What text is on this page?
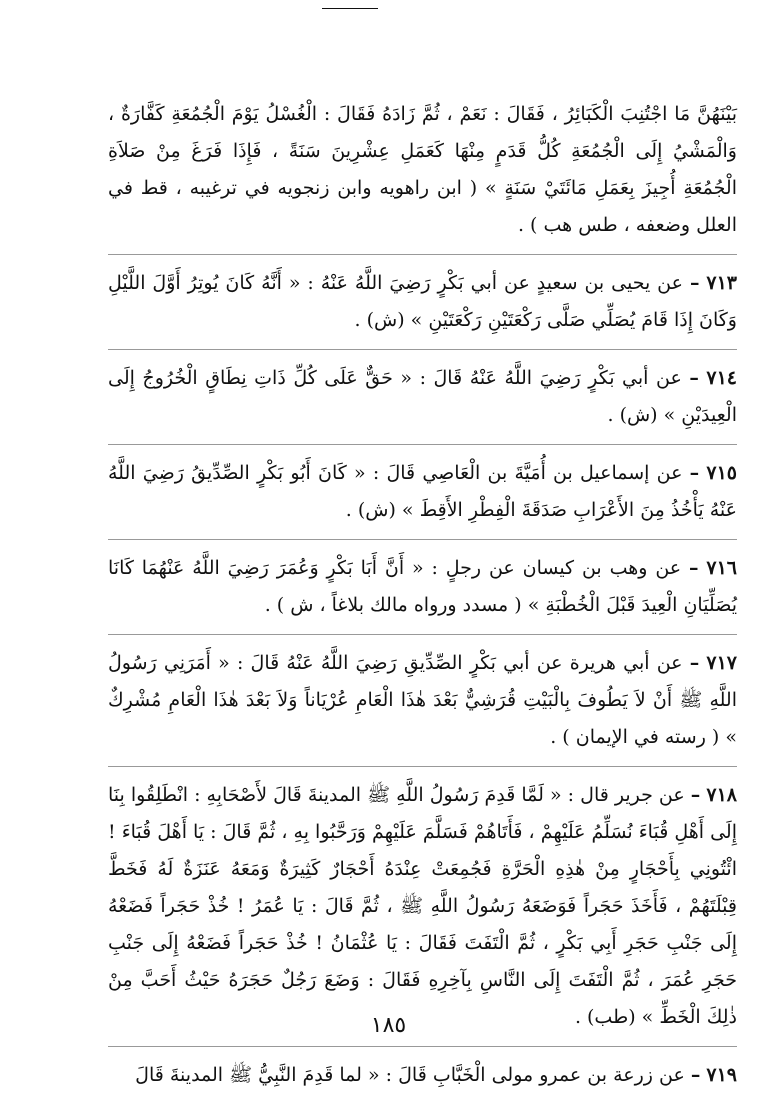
بَيْنَهُنَّ مَا اجْتُنِبَ الْكَبَائِرُ ، فَقَالَ : نَعَمْ ، ثُمَّ زَادَهُ فَقَالَ : الْغُسْلُ يَوْمَ الْجُمُعَةِ كَفَّارَةٌ ، وَالْمَشْيُ إِلَى الْجُمُعَةِ كُلُّ قَدَمٍ مِنْهَا كَعَمَلِ عِشْرِينَ سَنَةً ، فَإِذَا فَرَغَ مِنْ صَلاَةِ الْجُمُعَةِ أُجِيزَ بِعَمَلِ مَائَتَيْ سَنَةٍ » ( ابن راهويه وابن زنجويه في ترغيبه ، قط في العلل وضعفه ، طس هب ) .

٧١٣ – عن يحيى بن سعيدٍ عن أبي بَكْرٍ رَضِيَ اللَّهُ عَنْهُ : « أَنَّهُ كَانَ يُوتِرُ أَوَّلَ اللَّيْلِ وَكَانَ إِذَا قَامَ يُصَلِّي صَلَّى رَكْعَتَيْنِ رَكْعَتَيْنِ » (ش) .
٧١٤ – عن أبي بَكْرٍ رَضِيَ اللَّهُ عَنْهُ قَالَ : « حَقٌّ عَلَى كُلِّ ذَاتِ نِطَاقٍ الْخُرُوجُ إِلَى الْعِيدَيْنِ » (ش) .
٧١٥ – عن إسماعيل بن أُمَيَّةَ بن الْعَاصِي قَالَ : « كَانَ أَبُو بَكْرٍ الصِّدِّيقُ رَضِيَ اللَّهُ عَنْهُ يَأْخُذُ مِنَ الأَعْرَابِ صَدَقَةَ الْفِطْرِ الأَقِطَ » (ش) .
٧١٦ – عن وهب بن كيسان عن رجلٍ : « أَنَّ أَبَا بَكْرٍ وَعُمَرَ رَضِيَ اللَّهُ عَنْهُمَا كَانَا يُصَلِّيَانِ الْعِيدَ قَبْلَ الْخُطْبَةِ » ( مسدد ورواه مالك بلاغاً ، ش ) .
٧١٧ – عن أبي هريرة عن أبي بَكْرٍ الصِّدِّيقِ رَضِيَ اللَّهُ عَنْهُ قَالَ : « أَمَرَنِي رَسُولُ اللَّهِ ﷺ أَنْ لاَ يَطُوفَ بِالْبَيْتِ قُرَشِيٌّ بَعْدَ هٰذَا الْعَامِ عُرْيَاناً وَلاَ بَعْدَ هٰذَا الْعَامِ مُشْرِكٌ » ( رسته في الإيمان ) .
٧١٨ – عن جرير قال : « لَمَّا قَدِمَ رَسُولُ اللَّهِ ﷺ المدينةَ قَالَ لأَصْحَابِهِ : انْطَلِقُوا بِنَا إِلَى أَهْلِ قُبَاءَ نُسَلِّمُ عَلَيْهِمْ ، فَأَتَاهُمْ فَسَلَّمَ عَلَيْهِمْ وَرَحَّبُوا بِهِ ، ثُمَّ قَالَ : يَا أَهْلَ قُبَاءَ ! ائْتُونِي بِأَحْجَارٍ مِنْ هٰذِهِ الْحَرَّةِ فَجُمِعَتْ عِنْدَهُ أَحْجَارٌ كَثِيرَةٌ وَمَعَهُ عَنَزَةٌ لَهُ فَخَطَّ قِبْلَتَهُمْ ، فَأَخَذَ حَجَراً فَوَضَعَهُ رَسُولُ اللَّهِ ﷺ ، ثُمَّ قَالَ : يَا عُمَرُ ! خُذْ حَجَراً فَضَعْهُ إِلَى جَنْبِ حَجَرِ أَبِي بَكْرٍ ، ثُمَّ الْتَفَتَ فَقَالَ : يَا عُثْمَانُ ! خُذْ حَجَراً فَضَعْهُ إِلَى جَنْبِ حَجَرِ عُمَرَ ، ثُمَّ الْتَفَتَ إِلَى النَّاسِ بِآخِرِهِ فَقَالَ : وَضَعَ رَجُلٌ حَجَرَهُ حَيْثُ أَحَبَّ مِنْ ذٰلِكَ الْخَطِّ » (طب) .
٧١٩ – عن زرعة بن عمرو مولى الْخَبَّابِ قَالَ : « لما قَدِمَ النَّبِيُّ ﷺ المدينةَ قَالَ
١٨٥
